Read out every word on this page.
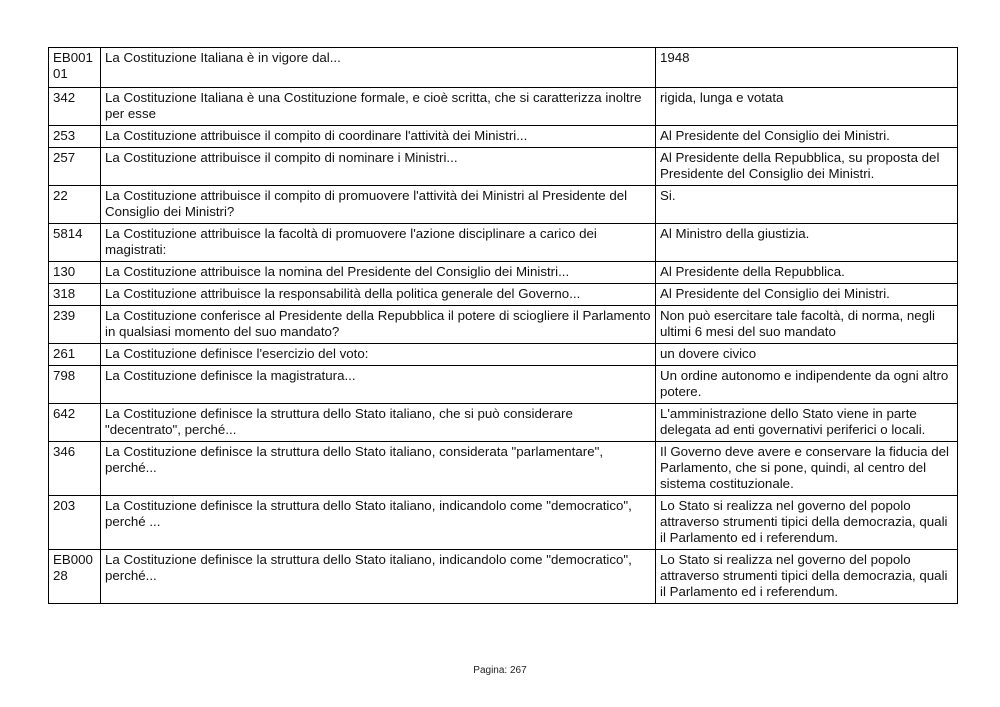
EB00101	La Costituzione Italiana è in vigore dal...	1948
342	La Costituzione Italiana è una Costituzione formale, e cioè scritta, che si caratterizza inoltre per esse	rigida, lunga e votata
253	La Costituzione attribuisce il compito di coordinare l'attività dei Ministri...	Al Presidente del Consiglio dei Ministri.
257	La Costituzione attribuisce il compito di nominare i Ministri...	Al Presidente della Repubblica, su proposta del Presidente del Consiglio dei Ministri.
22	La Costituzione attribuisce il compito di promuovere l'attività dei Ministri al Presidente del Consiglio dei Ministri?	Si.
5814	La Costituzione attribuisce la facoltà di promuovere l'azione disciplinare a carico dei magistrati:	Al Ministro della giustizia.
130	La Costituzione attribuisce la nomina del Presidente del Consiglio dei Ministri...	Al Presidente della Repubblica.
318	La Costituzione attribuisce la responsabilità della politica generale del Governo...	Al Presidente del Consiglio dei Ministri.
239	La Costituzione conferisce al Presidente della Repubblica il potere di sciogliere il Parlamento in qualsiasi momento del suo mandato?	Non può esercitare tale facoltà, di norma, negli ultimi 6 mesi del suo mandato
261	La Costituzione definisce l'esercizio del voto:	un dovere civico
798	La Costituzione definisce la magistratura...	Un ordine autonomo e indipendente da ogni altro potere.
642	La Costituzione definisce la struttura dello Stato italiano, che si può considerare "decentrato", perché...	L'amministrazione dello Stato viene in parte delegata ad enti governativi periferici o locali.
346	La Costituzione definisce la struttura dello Stato italiano, considerata "parlamentare", perché...	Il Governo deve avere e conservare la fiducia del Parlamento, che si pone, quindi, al centro del sistema costituzionale.
203	La Costituzione definisce la struttura dello Stato italiano, indicandolo come "democratico", perché ...	Lo Stato si realizza nel governo del popolo attraverso strumenti tipici della democrazia, quali il Parlamento ed i referendum.
EB00028	La Costituzione definisce la struttura dello Stato italiano, indicandolo come "democratico", perché...	Lo Stato si realizza nel governo del popolo attraverso strumenti tipici della democrazia, quali il Parlamento ed i referendum.
Pagina: 267
